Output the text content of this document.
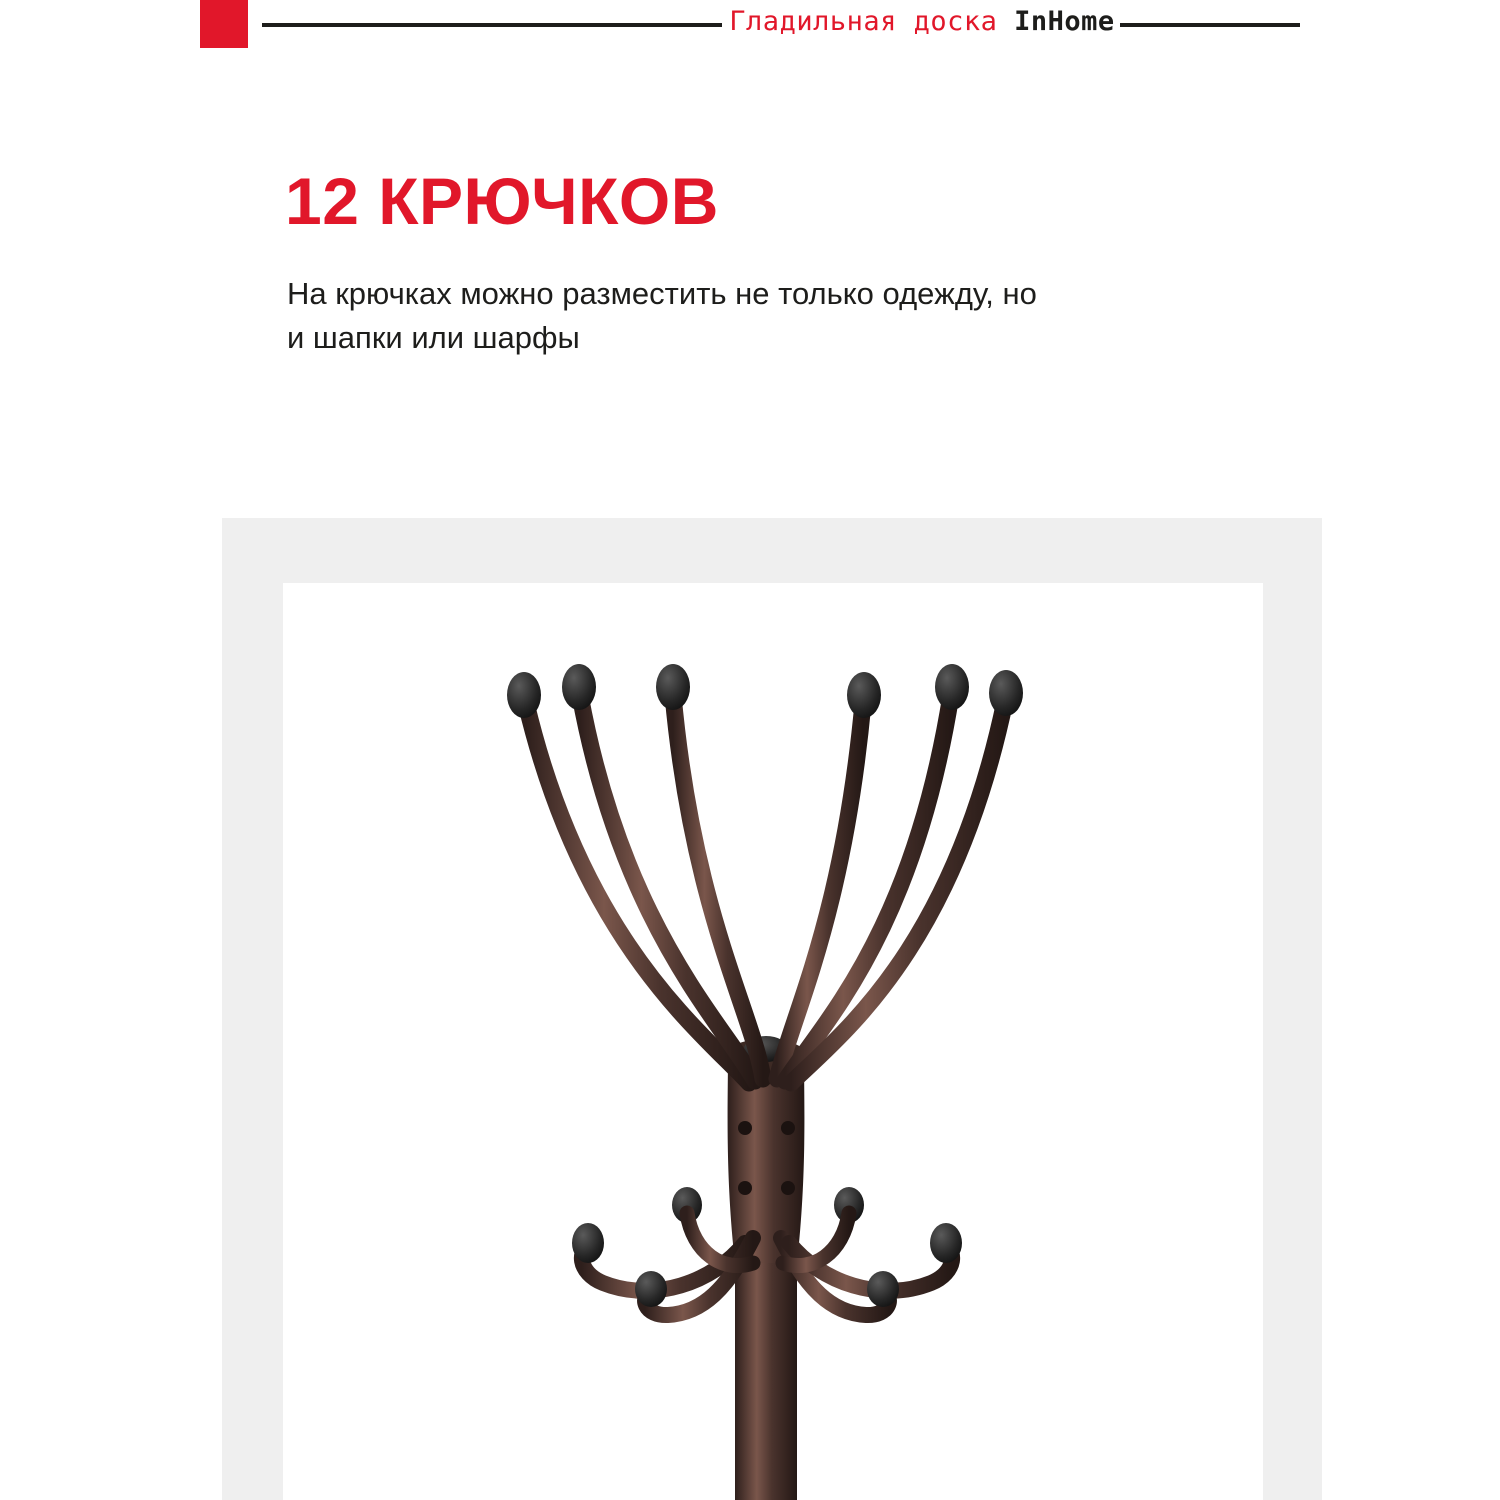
Гладильная доска InHome
12 КРЮЧКОВ
На крючках можно разместить не только одежду, но и шапки или шарфы
